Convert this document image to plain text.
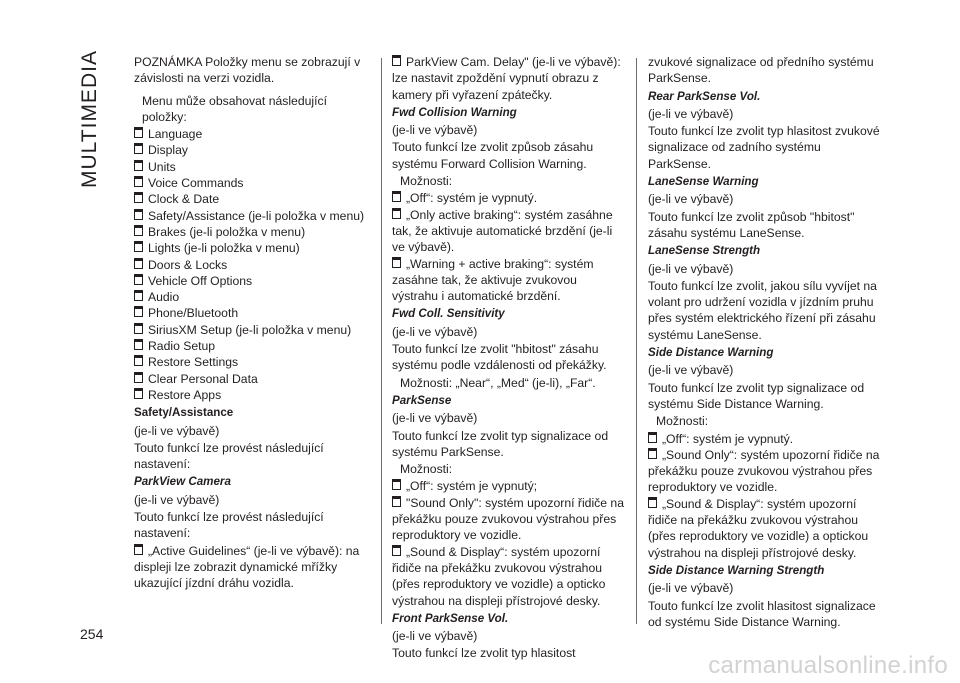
MULTIMEDIA	POZNÁMKA Položky menu se zobrazují v závislosti na verzi vozidla.
Menu může obsahovat následující položky:
Language
Display
Units
Voice Commands
Clock & Date
Safety/Assistance (je-li položka v menu)
Brakes (je-li položka v menu)
Lights (je-li položka v menu)
Doors & Locks
Vehicle Off Options
Audio
Phone/Bluetooth
SiriusXM Setup (je-li položka v menu)
Radio Setup
Restore Settings
Clear Personal Data
Restore Apps
Safety/Assistance
(je-li ve výbavě)
Touto funkcí lze provést následující nastavení:
ParkView Camera
(je-li ve výbavě)
Touto funkcí lze provést následující nastavení:
„Active Guidelines“ (je-li ve výbavě): na displeji lze zobrazit dynamické mřížky ukazující jízdní dráhu vozidla.
ParkView Cam. Delay" (je-li ve výbavě): lze nastavit zpoždění vypnutí obrazu z kamery při vyřazení zpátečky.
Fwd Collision Warning
(je-li ve výbavě)
Touto funkcí lze zvolit způsob zásahu systému Forward Collision Warning.
Možnosti:
„Off“: systém je vypnutý.
„Only active braking“: systém zasáhne tak, že aktivuje automatické brzdění (je-li ve výbavě).
„Warning + active braking“: systém zasáhne tak, že aktivuje zvukovou výstrahu i automatické brzdění.
Fwd Coll. Sensitivity
(je-li ve výbavě)
Touto funkcí lze zvolit "hbitost" zásahu systému podle vzdálenosti od překážky.
Možnosti: „Near“, „Med“ (je-li), „Far“.
ParkSense
(je-li ve výbavě)
Touto funkcí lze zvolit typ signalizace od systému ParkSense.
Možnosti:
„Off“: systém je vypnutý;
"Sound Only": systém upozorní řidiče na překážku pouze zvukovou výstrahou přes reproduktory ve vozidle.
„Sound & Display“: systém upozorní řidiče na překážku zvukovou výstrahou (přes reproduktory ve vozidle) a opticko výstrahou na displeji přístrojové desky.
Front ParkSense Vol.
(je-li ve výbavě)
Touto funkcí lze zvolit typ hlasitost
zvukové signalizace od předního systému ParkSense.
Rear ParkSense Vol.
(je-li ve výbavě)
Touto funkcí lze zvolit typ hlasitost zvukové signalizace od zadního systému ParkSense.
LaneSense Warning
(je-li ve výbavě)
Touto funkcí lze zvolit způsob "hbitost" zásahu systému LaneSense.
LaneSense Strength
(je-li ve výbavě)
Touto funkcí lze zvolit, jakou sílu vyvíjet na volant pro udržení vozidla v jízdním pruhu přes systém elektrického řízení při zásahu systému LaneSense.
Side Distance Warning
(je-li ve výbavě)
Touto funkcí lze zvolit typ signalizace od systému Side Distance Warning.
Možnosti:
„Off“: systém je vypnutý.
„Sound Only“: systém upozorní řidiče na překážku pouze zvukovou výstrahou přes reproduktory ve vozidle.
„Sound & Display“: systém upozorní řidiče na překážku zvukovou výstrahou (přes reproduktory ve vozidle) a optickou výstrahou na displeji přístrojové desky.
Side Distance Warning Strength
(je-li ve výbavě)
Touto funkcí lze zvolit hlasitost signalizace od systému Side Distance Warning.
254
carmanualsonline.info
